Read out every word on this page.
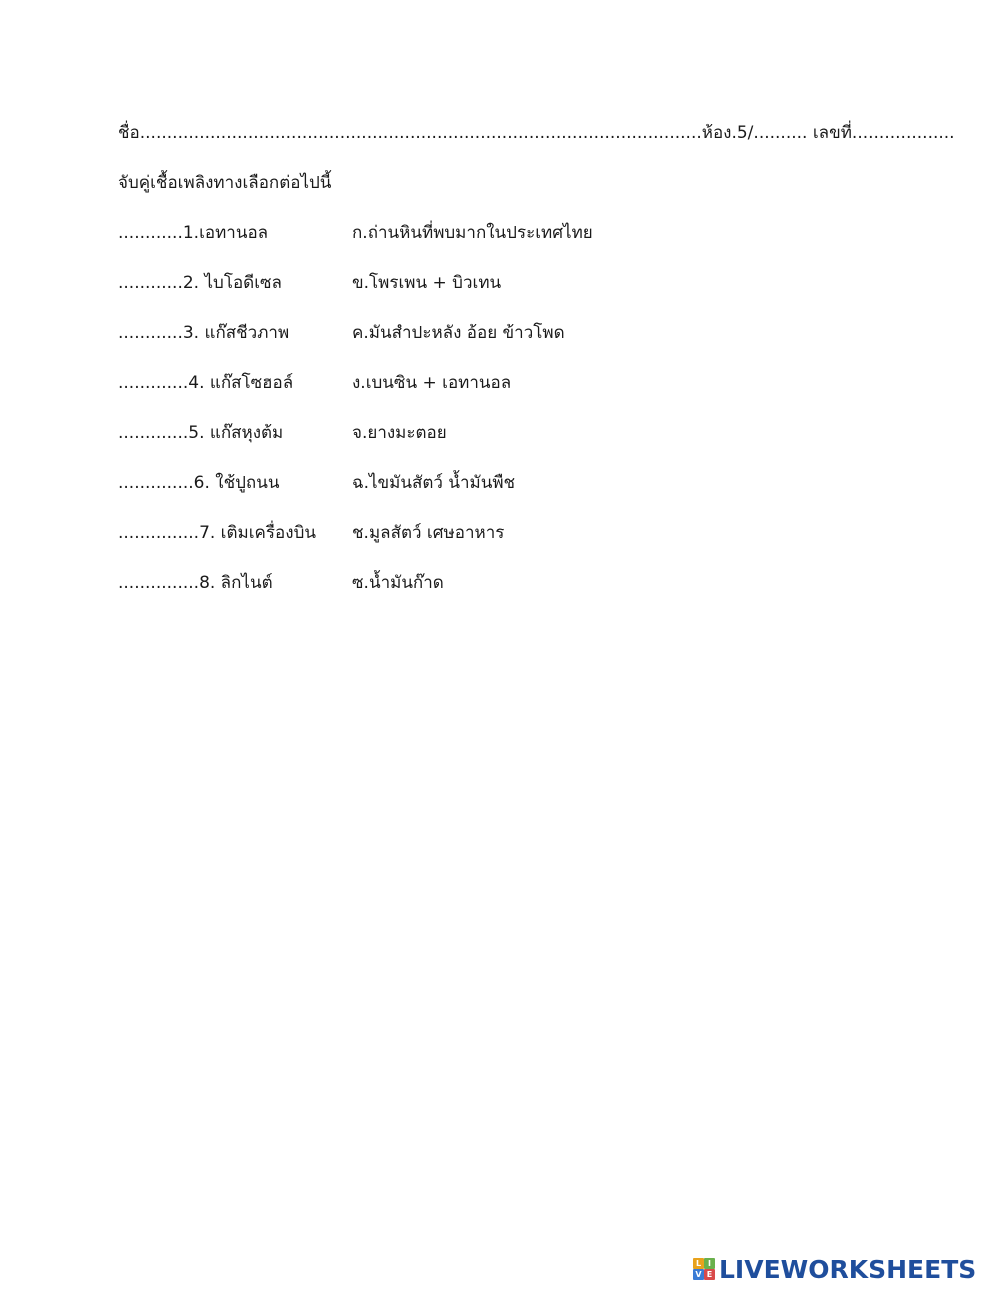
ชื่อ........................................................................................................ห้อง.5/.......... เลขที่...................
จับคู่เชื้อเพลิงทางเลือกต่อไปนี้
............1.เอทานอล
............2. ไบโอดีเซล
............3. แก๊สชีวภาพ
.............4. แก๊สโซฮอล์
.............5. แก๊สหุงต้ม
..............6. ใช้ปูถนน
...............7. เติมเครื่องบิน
...............8. ลิกไนต์
ก.ถ่านหินที่พบมากในประเทศไทย
ข.โพรเพน + บิวเทน
ค.มันสำปะหลัง อ้อย ข้าวโพด
ง.เบนซิน + เอทานอล
จ.ยางมะตอย
ฉ.ไขมันสัตว์ น้ำมันพืช
ช.มูลสัตว์ เศษอาหาร
ซ.น้ำมันก๊าด
L I
V E LIVEWORKSHEETS
